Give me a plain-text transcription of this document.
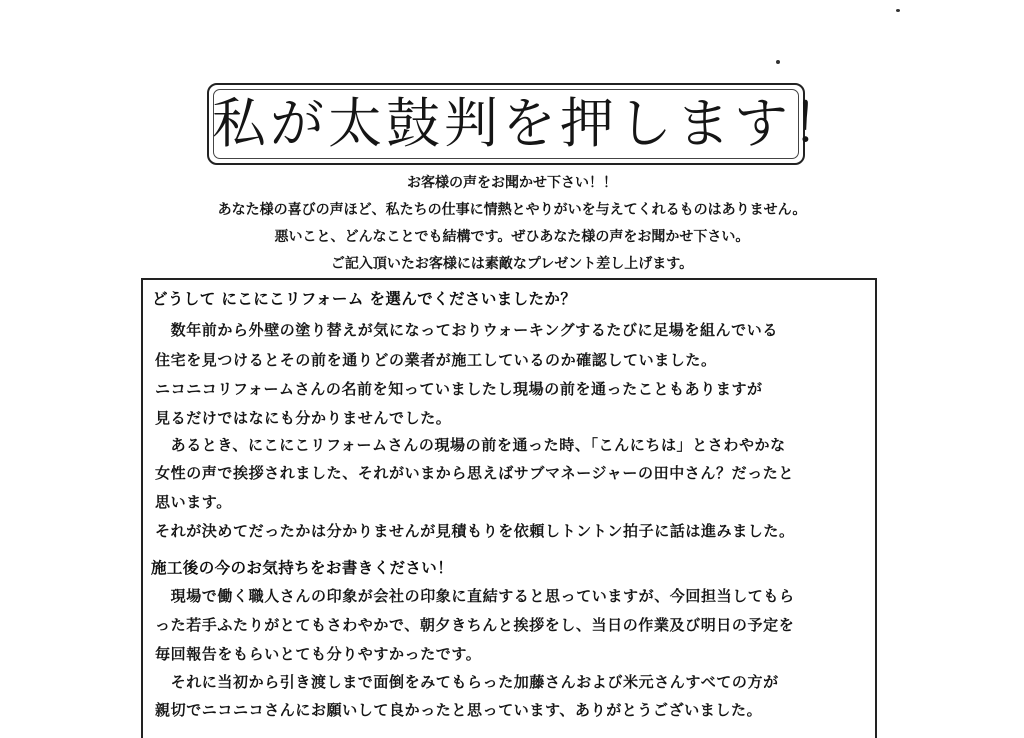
私が太鼓判を押します！
お客様の声をお聞かせ下さい！！
あなた様の喜びの声ほど、私たちの仕事に情熱とやりがいを与えてくれるものはありません。
悪いこと、どんなことでも結構です。ぜひあなた様の声をお聞かせ下さい。
ご記入頂いたお客様には素敵なプレゼント差し上げます。
どうして にこにこリフォーム を選んでくださいましたか？
　数年前から外壁の塗り替えが気になっておりウォーキングするたびに足場を組んでいる
住宅を見つけるとその前を通りどの業者が施工しているのか確認していました。
ニコニコリフォームさんの名前を知っていましたし現場の前を通ったこともありますが
見るだけではなにも分かりませんでした。
　あるとき、にこにこリフォームさんの現場の前を通った時、「こんにちは」とさわやかな
女性の声で挨拶されました、それがいまから思えばサブマネージャーの田中さん？だったと
思います。
それが決めてだったかは分かりませんが見積もりを依頼しトントン拍子に話は進みました。
施工後の今のお気持ちをお書きください！
　現場で働く職人さんの印象が会社の印象に直結すると思っていますが、今回担当してもら
った若手ふたりがとてもさわやかで、朝夕きちんと挨拶をし、当日の作業及び明日の予定を
毎回報告をもらいとても分りやすかったです。
　それに当初から引き渡しまで面倒をみてもらった加藤さんおよび米元さんすべての方が
親切でニコニコさんにお願いして良かったと思っています、ありがとうございました。
